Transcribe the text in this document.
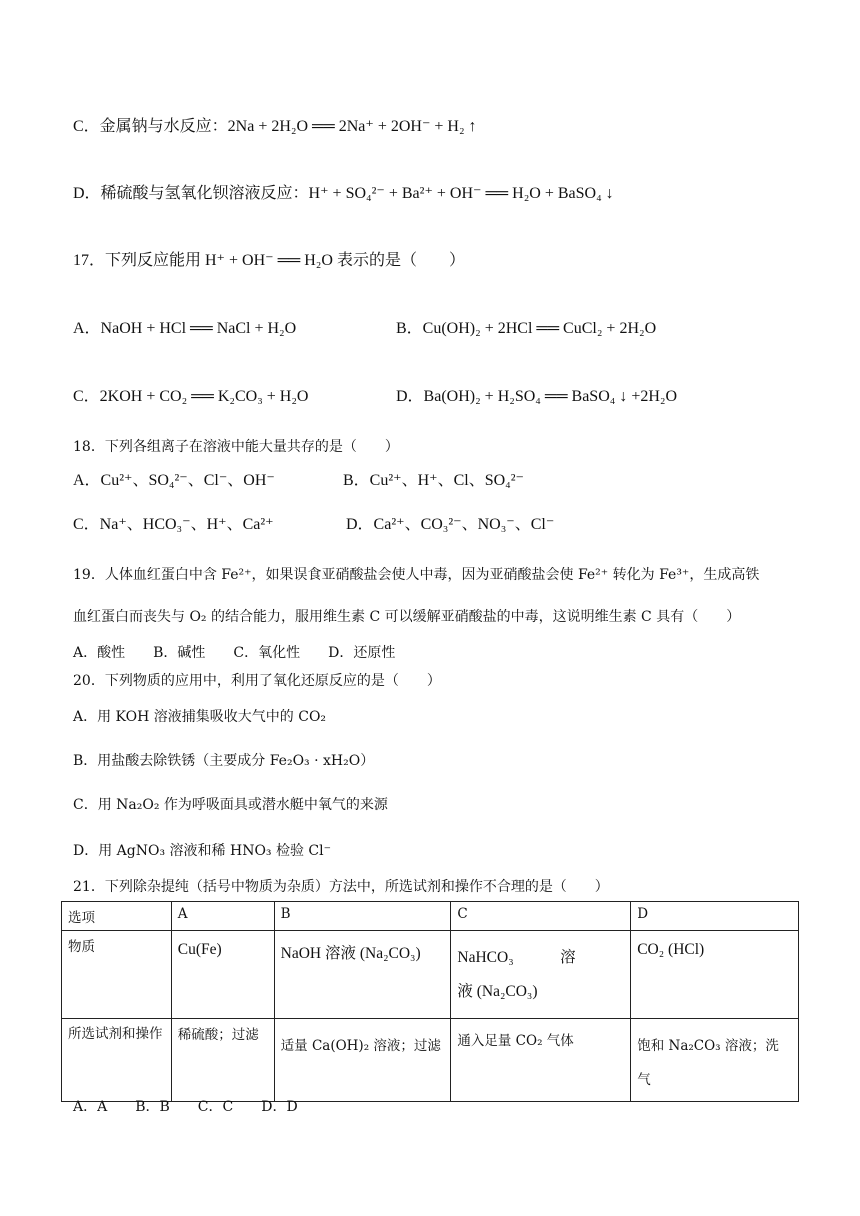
C．金属钠与水反应：2Na + 2H₂O ══ 2Na⁺ + 2OH⁻ + H₂ ↑
D．稀硫酸与氢氧化钡溶液反应：H⁺ + SO₄²⁻ + Ba²⁺ + OH⁻ ══ H₂O + BaSO₄ ↓
17．下列反应能用 H⁺ + OH⁻ ══ H₂O 表示的是（　　）
A．NaOH + HCl ══ NaCl + H₂O	B．Cu(OH)₂ + 2HCl ══ CuCl₂ + 2H₂O
C．2KOH + CO₂ ══ K₂CO₃ + H₂O	D．Ba(OH)₂ + H₂SO₄ ══ BaSO₄ ↓ +2H₂O
18．下列各组离子在溶液中能大量共存的是（　　）
A．Cu²⁺、SO₄²⁻、Cl⁻、OH⁻	B．Cu²⁺、H⁺、Cl、SO₄²⁻
C．Na⁺、HCO₃⁻、H⁺、Ca²⁺	D．Ca²⁺、CO₃²⁻、NO₃⁻、Cl⁻
19．人体血红蛋白中含 Fe²⁺，如果误食亚硝酸盐会使人中毒，因为亚硝酸盐会使 Fe²⁺ 转化为 Fe³⁺，生成高铁
血红蛋白而丧失与 O₂ 的结合能力，服用维生素 C 可以缓解亚硝酸盐的中毒，这说明维生素 C 具有（　　）
A．酸性　　B．碱性　　C．氧化性　　D．还原性
20．下列物质的应用中，利用了氧化还原反应的是（　　）
A．用 KOH 溶液捕集吸收大气中的 CO₂
B．用盐酸去除铁锈（主要成分 Fe₂O₃ · xH₂O）
C．用 Na₂O₂ 作为呼吸面具或潜水艇中氧气的来源
D．用 AgNO₃ 溶液和稀 HNO₃ 检验 Cl⁻
21．下列除杂提纯（括号中物质为杂质）方法中，所选试剂和操作不合理的是（　　）
选项	A	B	C	D
物质	Cu(Fe)	NaOH 溶液 (Na₂CO₃)	NaHCO₃　　　溶　　　液 (Na₂CO₃)	CO₂ (HCl)
所选试剂和操作	稀硫酸；过滤	适量 Ca(OH)₂ 溶液；过滤	通入足量 CO₂ 气体	饱和 Na₂CO₃ 溶液；洗气
A．A　　B．B　　C．C　　D．D
